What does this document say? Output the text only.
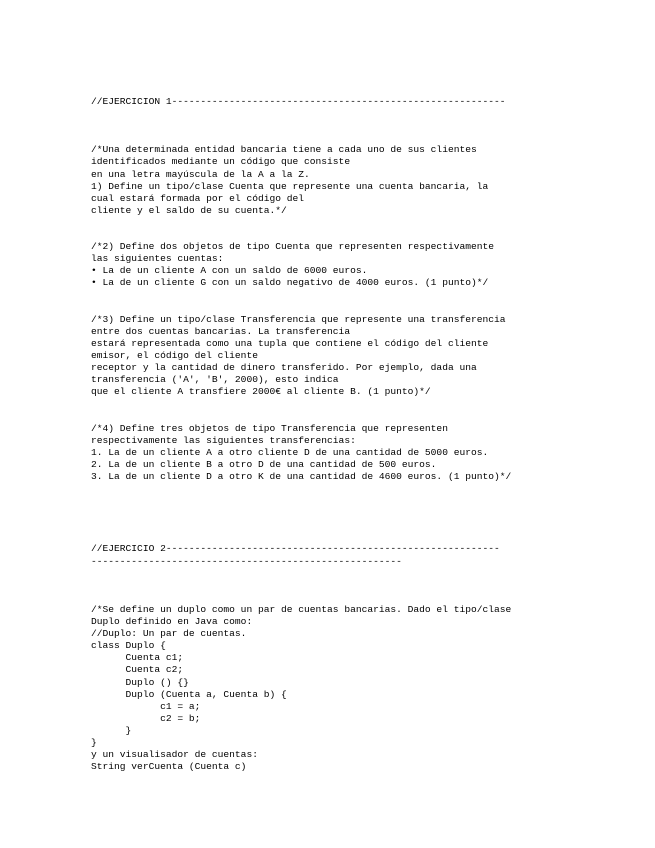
//EJERCICION 1----------------------------------------------------------
/*Una determinada entidad bancaria tiene a cada uno de sus clientes
identificados mediante un código que consiste
en una letra mayúscula de la A a la Z.
1) Define un tipo/clase Cuenta que represente una cuenta bancaria, la
cual estará formada por el código del
cliente y el saldo de su cuenta.*/
/*2) Define dos objetos de tipo Cuenta que representen respectivamente
las siguientes cuentas:
• La de un cliente A con un saldo de 6000 euros.
• La de un cliente G con un saldo negativo de 4000 euros. (1 punto)*/
/*3) Define un tipo/clase Transferencia que represente una transferencia
entre dos cuentas bancarias. La transferencia
estará representada como una tupla que contiene el código del cliente
emisor, el código del cliente
receptor y la cantidad de dinero transferido. Por ejemplo, dada una
transferencia ('A', 'B', 2000), esto indica
que el cliente A transfiere 2000€ al cliente B. (1 punto)*/
/*4) Define tres objetos de tipo Transferencia que representen
respectivamente las siguientes transferencias:
1. La de un cliente A a otro cliente D de una cantidad de 5000 euros.
2. La de un cliente B a otro D de una cantidad de 500 euros.
3. La de un cliente D a otro K de una cantidad de 4600 euros. (1 punto)*/
//EJERCICIO 2----------------------------------------------------------
------------------------------------------------------
/*Se define un duplo como un par de cuentas bancarias. Dado el tipo/clase
Duplo definido en Java como:
//Duplo: Un par de cuentas.
class Duplo {
Cuenta c1;
Cuenta c2;
Duplo () {}
Duplo (Cuenta a, Cuenta b) {
c1 = a;
c2 = b;
}
}
y un visualisador de cuentas:
String verCuenta (Cuenta c)
